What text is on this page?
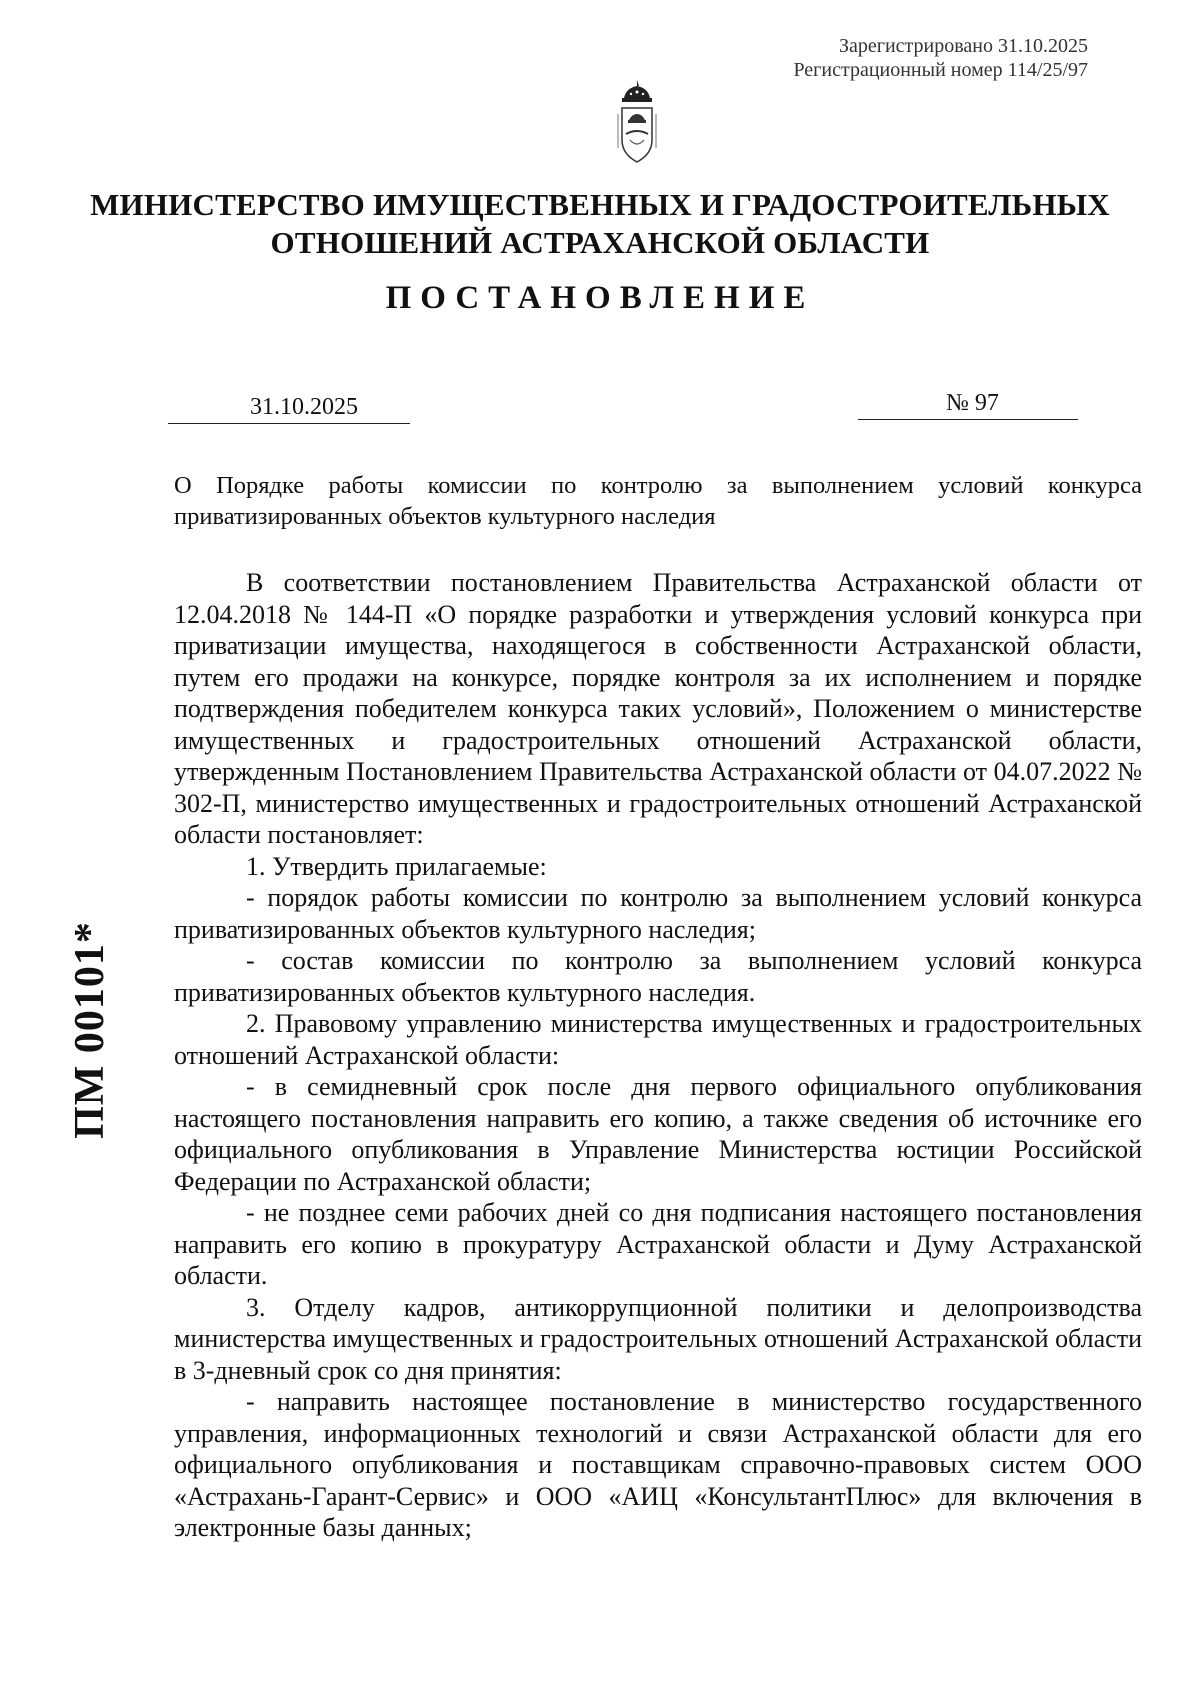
Зарегистрировано 31.10.2025
Регистрационный номер 114/25/97
МИНИСТЕРСТВО ИМУЩЕСТВЕННЫХ И ГРАДОСТРОИТЕЛЬНЫХ
ОТНОШЕНИЙ АСТРАХАНСКОЙ ОБЛАСТИ
ПОСТАНОВЛЕНИЕ
31.10.2025	№ 97
О Порядке работы комиссии по контролю за выполнением условий конкурса
приватизированных объектов культурного наследия

В соответствии постановлением Правительства Астраханской области от 12.04.2018 № 144-П «О порядке разработки и утверждения условий конкурса при приватизации имущества, находящегося в собственности Астраханской области, путем его продажи на конкурсе, порядке контроля за их исполнением и порядке подтверждения победителем конкурса таких условий», Положением о министерстве имущественных и градостроительных отношений Астраханской области, утвержденным Постановлением Правительства Астраханской области от 04.07.2022 № 302-П, министерство имущественных и градостроительных отношений Астраханской области постановляет:

1. Утвердить прилагаемые:

- порядок работы комиссии по контролю за выполнением условий конкурса приватизированных объектов культурного наследия;

- состав комиссии по контролю за выполнением условий конкурса приватизированных объектов культурного наследия.

2. Правовому управлению министерства имущественных и градостроительных отношений Астраханской области:

- в семидневный срок после дня первого официального опубликования настоящего постановления направить его копию, а также сведения об источнике его официального опубликования в Управление Министерства юстиции Российской Федерации по Астраханской области;

- не позднее семи рабочих дней со дня подписания настоящего постановления направить его копию в прокуратуру Астраханской области и Думу Астраханской области.

3. Отделу кадров, антикоррупционной политики и делопроизводства министерства имущественных и градостроительных отношений Астраханской области в 3-дневный срок со дня принятия:

- направить настоящее постановление в министерство государственного управления, информационных технологий и связи Астраханской области для его официального опубликования и поставщикам справочно-правовых систем ООО «Астрахань-Гарант-Сервис» и ООО «АИЦ «КонсультантПлюс» для включения в электронные базы данных;

ПМ 00101*
